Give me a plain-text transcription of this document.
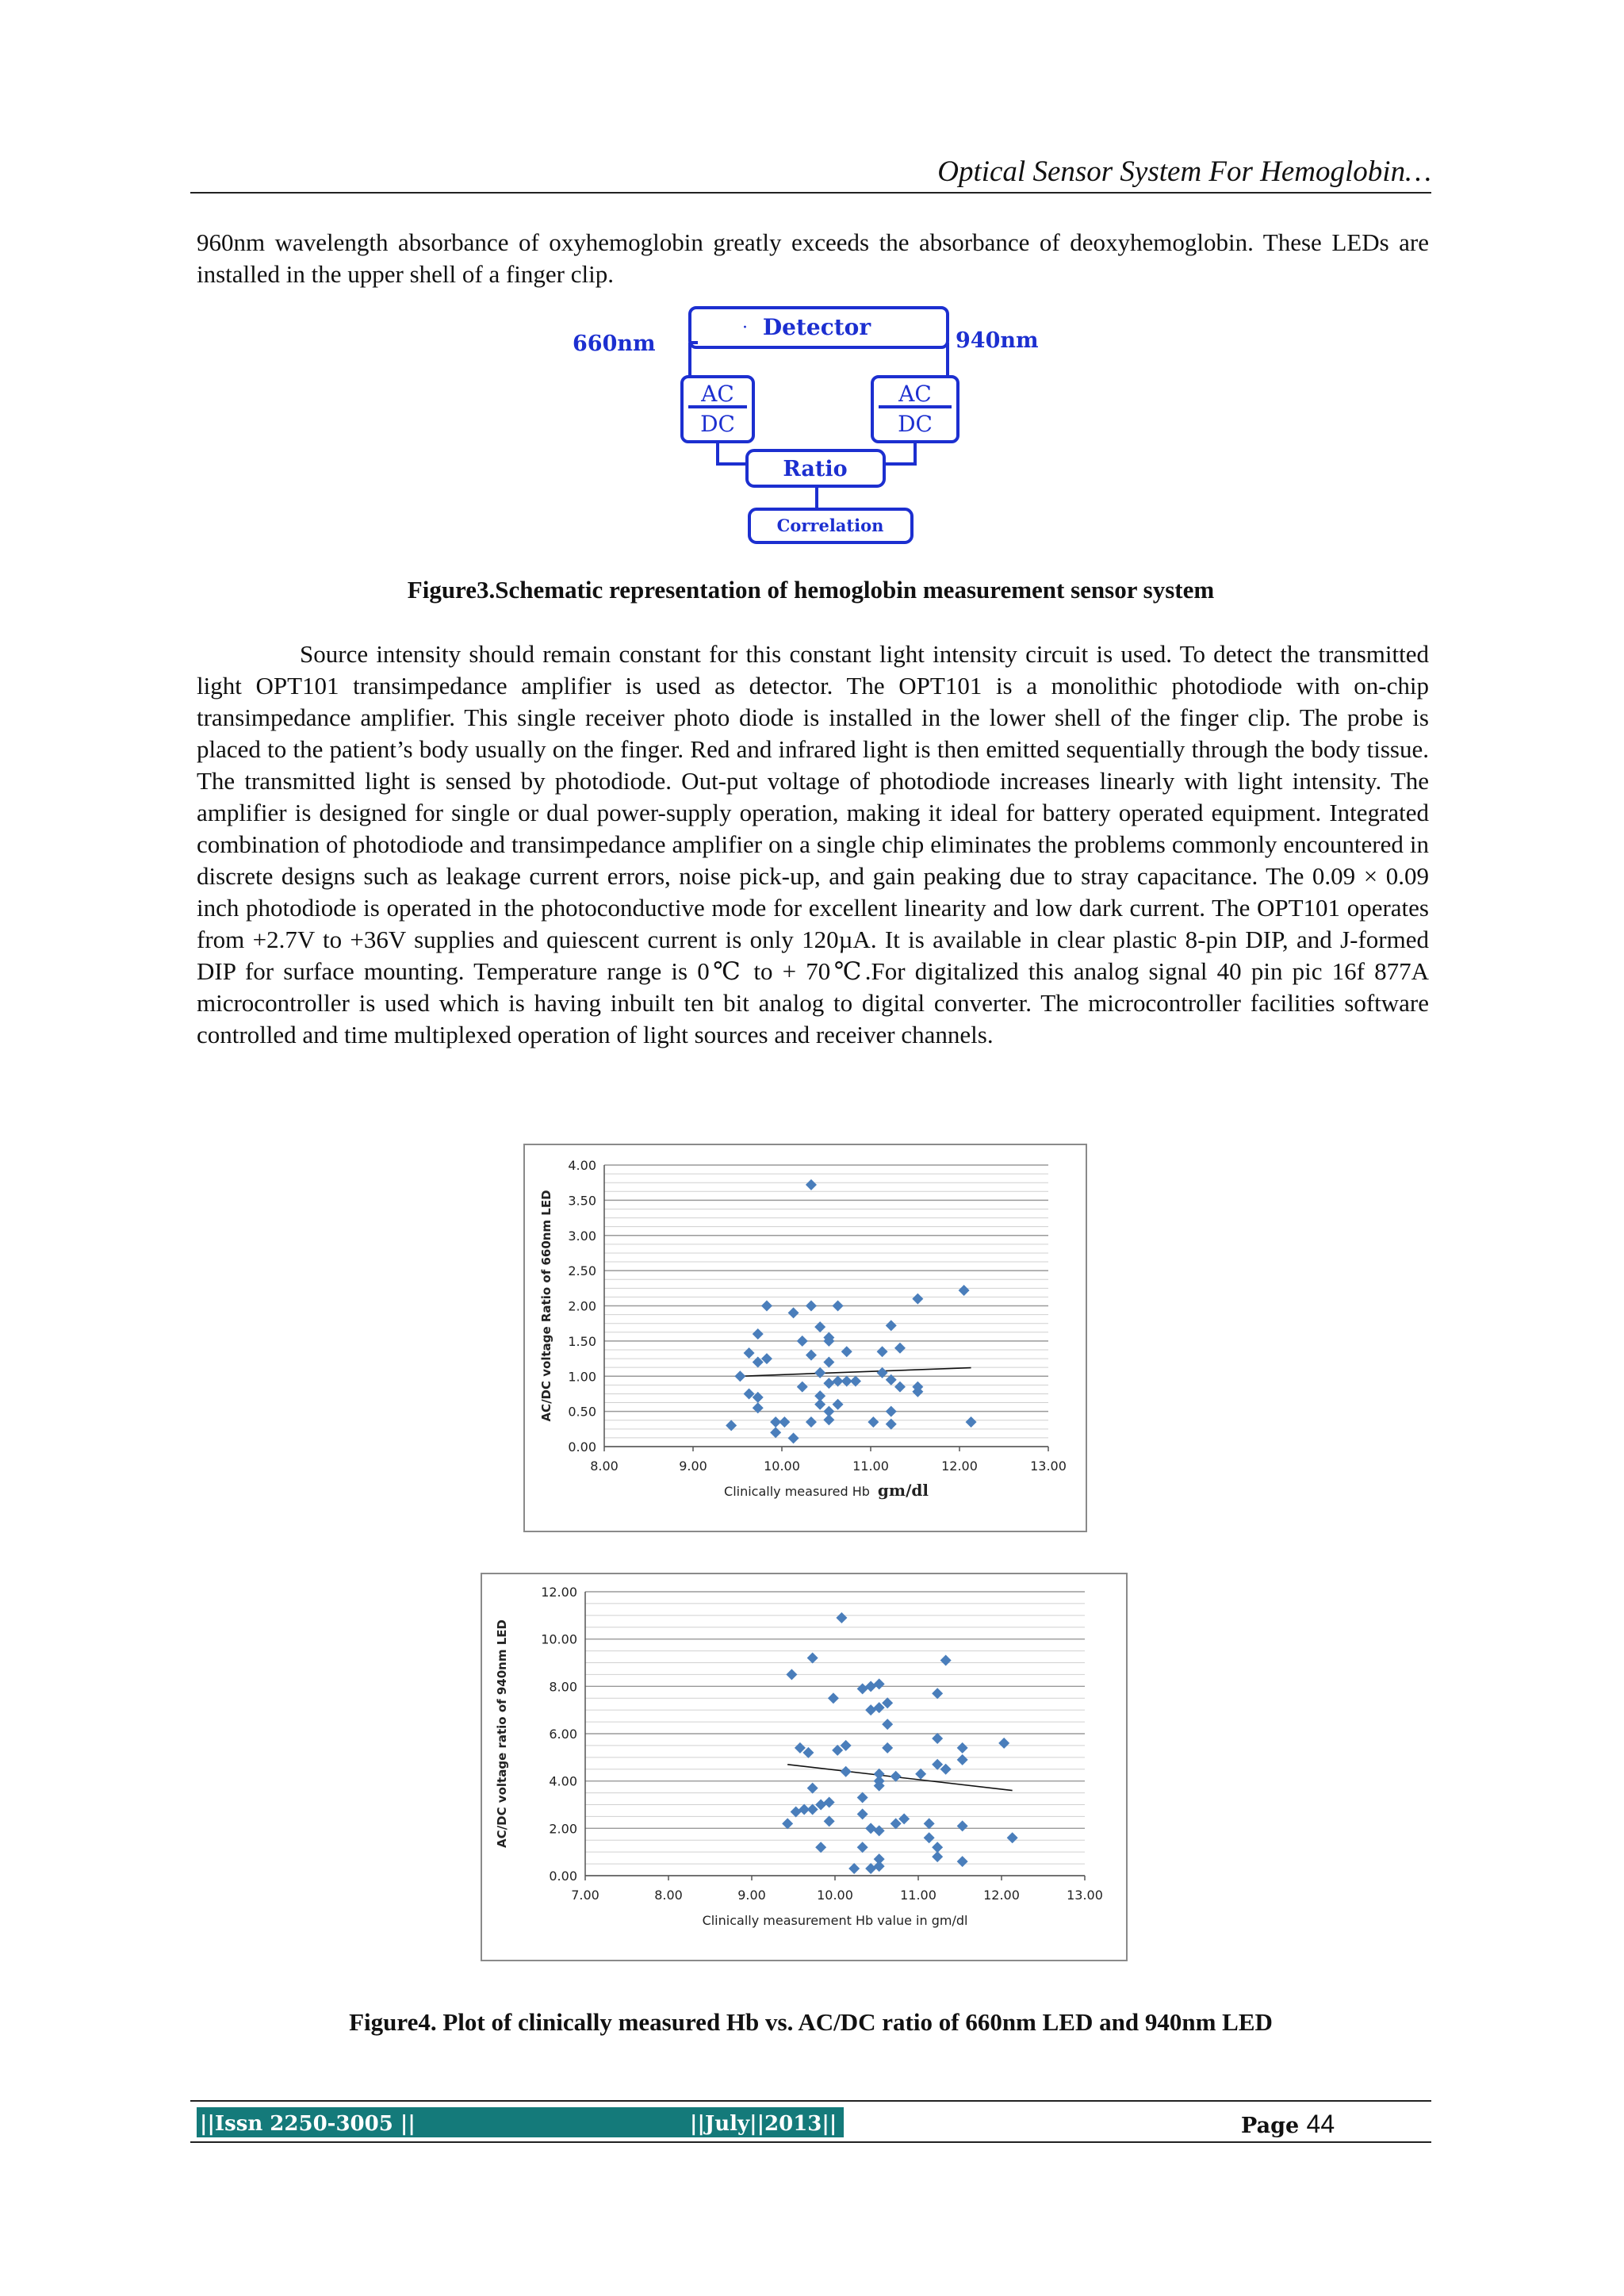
Optical Sensor System For Hemoglobin…

960nm wavelength absorbance of oxyhemoglobin greatly exceeds the absorbance of deoxyhemoglobin. These LEDs are installed in the upper shell of a finger clip.

· Detector
660nm	940nm
AC
DC
AC
DC
Ratio
Correlation
Figure3.Schematic representation of hemoglobin measurement sensor system

Source intensity should remain constant for this constant light intensity circuit is used. To detect the transmitted light OPT101 transimpedance amplifier is used as detector. The OPT101 is a monolithic photodiode with on-chip transimpedance amplifier. This single receiver photo diode is installed in the lower shell of the finger clip. The probe is placed to the patient’s body usually on the finger. Red and infrared light is then emitted sequentially through the body tissue. The transmitted light is sensed by photodiode. Out-put voltage of photodiode increases linearly with light intensity. The amplifier is designed for single or dual power-supply operation, making it ideal for battery operated equipment. Integrated combination of photodiode and transimpedance amplifier on a single chip eliminates the problems commonly encountered in discrete designs such as leakage current errors, noise pick-up, and gain peaking due to stray capacitance. The 0.09 × 0.09 inch photodiode is operated in the photoconductive mode for excellent linearity and low dark current. The OPT101 operates from +2.7V to +36V supplies and quiescent current is only 120µA. It is available in clear plastic 8-pin DIP, and J-formed DIP for surface mounting. Temperature range is 0℃ to + 70℃.For digitalized this analog signal 40 pin pic 16f 877A microcontroller is used which is having inbuilt ten bit analog to digital converter. The microcontroller facilities software controlled and time multiplexed operation of light sources and receiver channels.

0.00
0.50
1.00
1.50
2.00
2.50
3.00
3.50
4.00
8.00	9.00	10.00	11.00	12.00	13.00
AC/DC voltage Ratio of 660nm LED
Clinically measured Hb gm/dl
0.00
2.00
4.00
6.00
8.00
10.00
12.00
7.00	8.00	9.00	10.00	11.00	12.00	13.00
AC/DC voltage ratio of 940nm LED
Clinically measurement Hb value in gm/dl
Figure4. Plot of clinically measured Hb vs. AC/DC ratio of 660nm LED and 940nm LED
||Issn 2250-3005 ||	||July||2013||	Page 44
